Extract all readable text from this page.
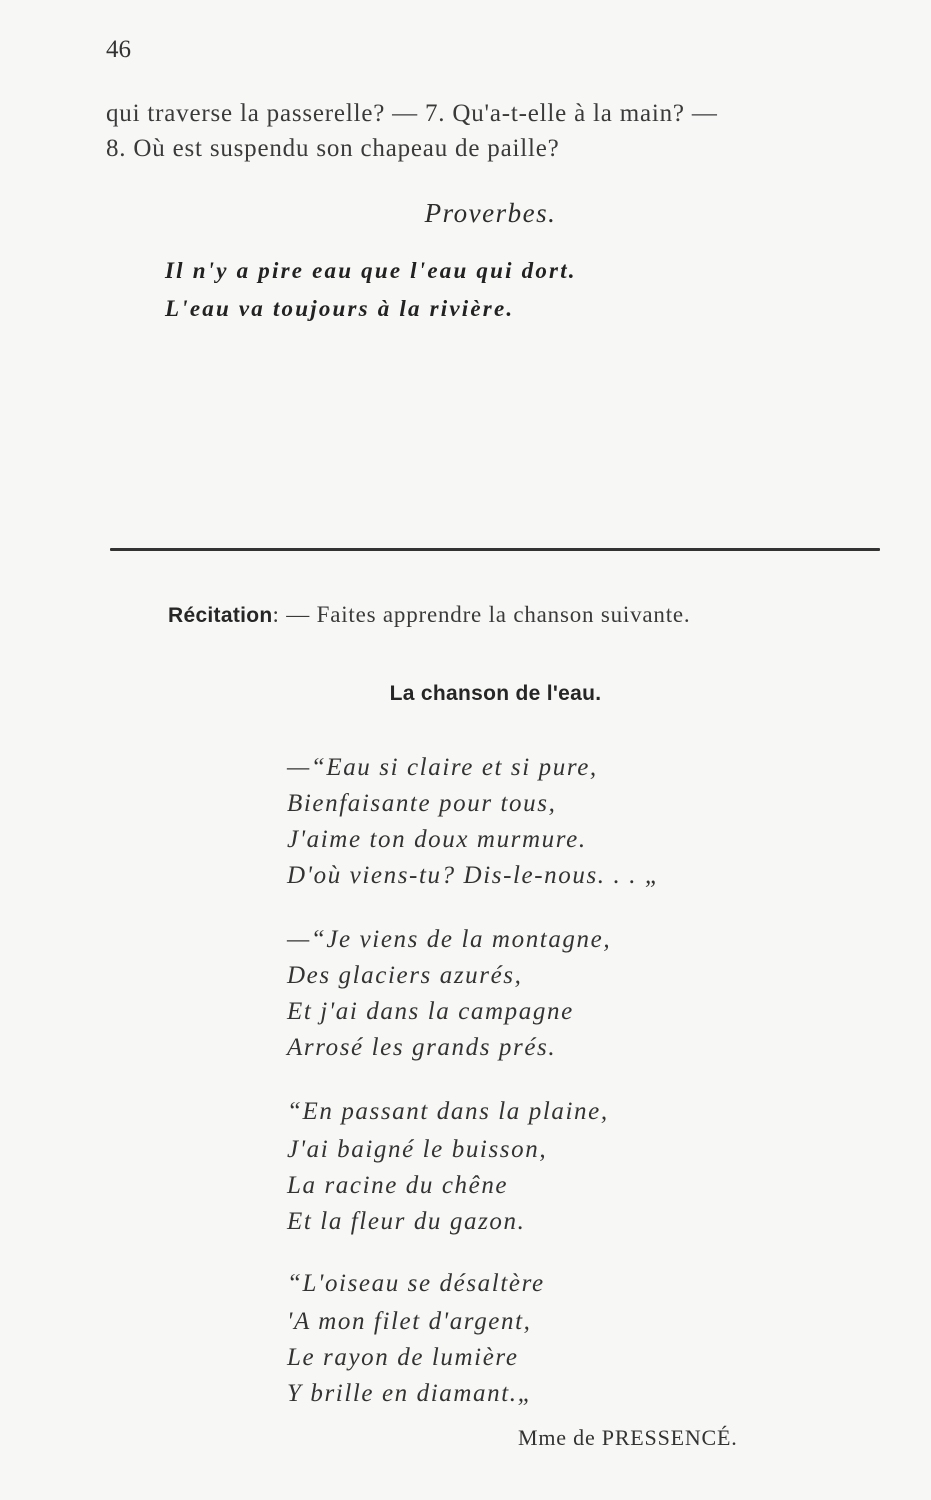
46
qui traverse la passerelle? — 7. Qu'a-t-elle à la main? —
8. Où est suspendu son chapeau de paille?
Proverbes.
Il n'y a pire eau que l'eau qui dort.
L'eau va toujours à la rivière.
Récitation: — Faites apprendre la chanson suivante.
La chanson de l'eau.
—“Eau si claire et si pure,
Bienfaisante pour tous,
J'aime ton doux murmure.
D'où viens-tu? Dis-le-nous. . . „
—“Je viens de la montagne,
Des glaciers azurés,
Et j'ai dans la campagne
Arrosé les grands prés.
“En passant dans la plaine,
J'ai baigné le buisson,
La racine du chêne
Et la fleur du gazon.
“L'oiseau se désaltère
'A mon filet d'argent,
Le rayon de lumière
Y brille en diamant.„
Mme de PRESSENCÉ.
